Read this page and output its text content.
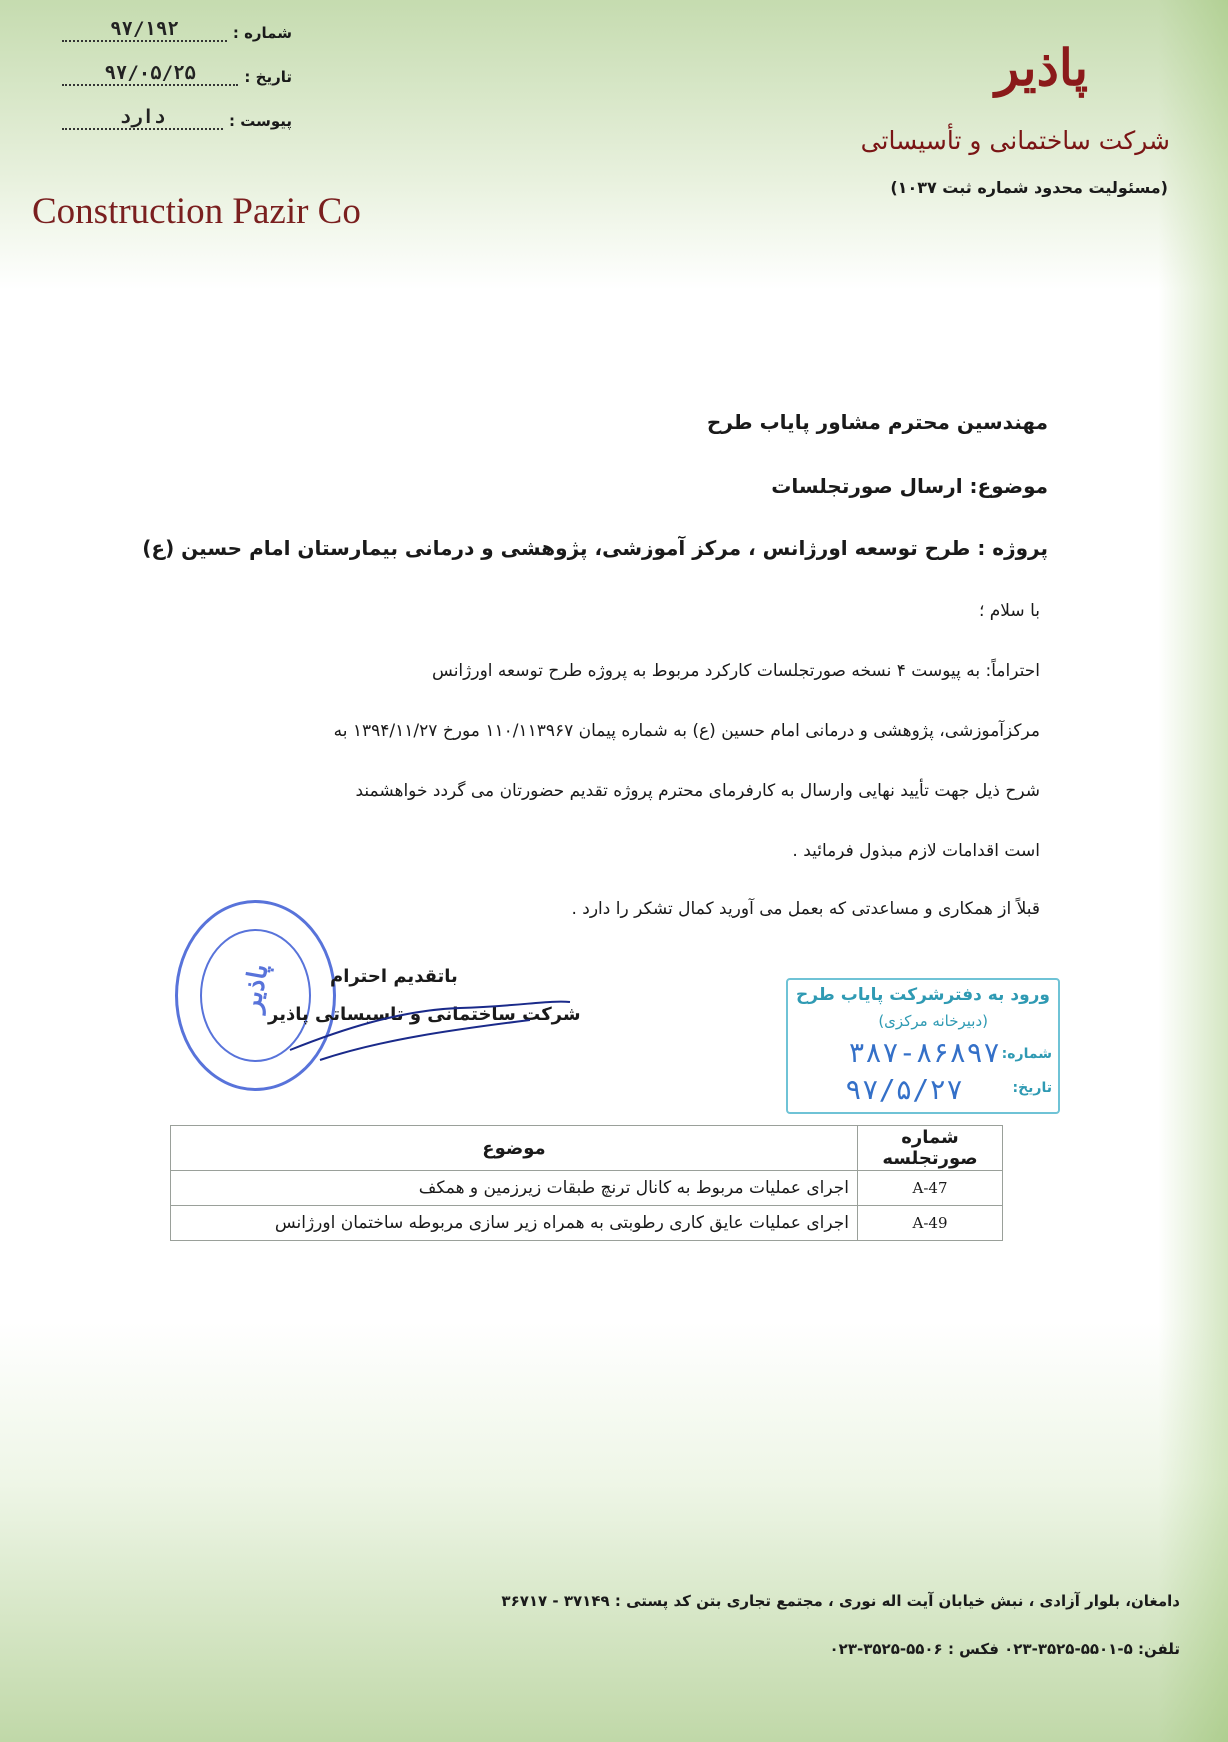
شماره :
۹۷/۱۹۲
تاریخ :
۹۷/۰۵/۲۵
پیوست :
دارد
پاذیر
شرکت ساختمانی و تأسیساتی
(مسئولیت محدود شماره ثبت ۱۰۳۷)
Construction Pazir Co
مهندسین محترم مشاور پایاب طرح
موضوع: ارسال صورتجلسات
پروژه : طرح توسعه اورژانس ، مرکز آموزشی، پژوهشی و درمانی بیمارستان امام حسین (ع)
با سلام ؛
احتراماً: به پیوست ۴ نسخه صورتجلسات کارکرد مربوط به پروژه طرح توسعه اورژانس
مرکزآموزشی، پژوهشی و درمانی امام حسین (ع) به شماره پیمان ۱۱۰/۱۱۳۹۶۷ مورخ ۱۳۹۴/۱۱/۲۷ به
شرح ذیل جهت تأیید نهایی وارسال به کارفرمای محترم پروژه تقدیم حضورتان می گردد خواهشمند
است اقدامات لازم مبذول فرمائید .
قبلاً از همکاری و مساعدتی که بعمل می آورید کمال تشکر را دارد .
پاذیر	باتقدیم احترام
شرکت ساختمانی و تاسیساتی پاذیر
ورود به دفترشرکت پایاب طرح
(دبیرخانه مرکزی)
شماره:
۳۸۷-۸۶۸۹۷
تاریخ:
۹۷/۵/۲۷
شماره صورتجلسه	موضوع
A-47	اجرای عملیات مربوط به کانال ترنچ طبقات زیرزمین و همکف
A-49	اجرای عملیات عایق کاری رطوبتی به همراه زیر سازی مربوطه ساختمان اورژانس
دامغان، بلوار آزادی ، نبش خیابان آیت اله نوری ، مجتمع تجاری بتن کد پستی : ۳۷۱۴۹ - ۳۶۷۱۷
تلفن: ۵-۵۵۰۱-۳۵۲۵-۰۲۳ فکس : ۵۵۰۶-۳۵۲۵-۰۲۳
